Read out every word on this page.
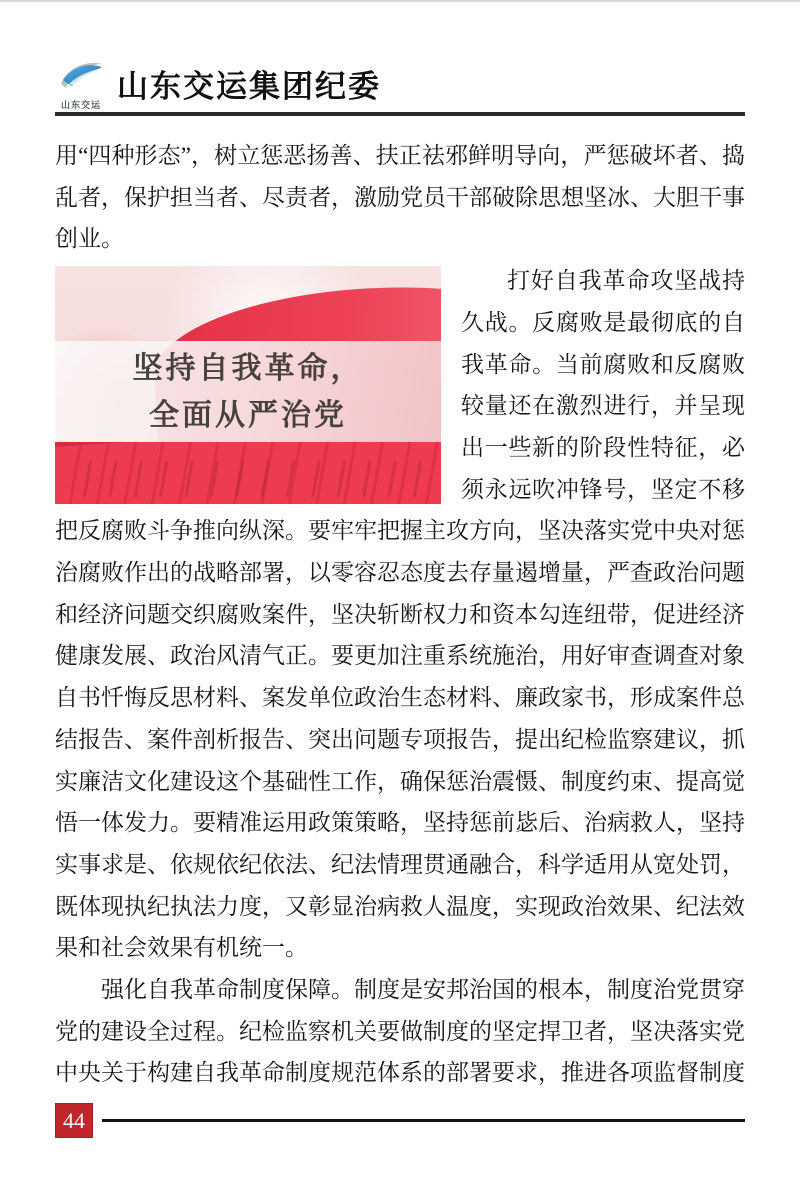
山东交运
山东交运集团纪委

用“四种形态”，树立惩恶扬善、扶正祛邪鲜明导向，严惩破坏者、捣乱者，保护担当者、尽责者，激励党员干部破除思想坚冰、大胆干事创业。

坚持自我革命，
全面从严治党

打好自我革命攻坚战持久战。反腐败是最彻底的自我革命。当前腐败和反腐败较量还在激烈进行，并呈现出一些新的阶段性特征，必须永远吹冲锋号，坚定不移把反腐败斗争推向纵深。要牢牢把握主攻方向，坚决落实党中央对惩治腐败作出的战略部署，以零容忍态度去存量遏增量，严查政治问题和经济问题交织腐败案件，坚决斩断权力和资本勾连纽带，促进经济健康发展、政治风清气正。要更加注重系统施治，用好审查调查对象自书忏悔反思材料、案发单位政治生态材料、廉政家书，形成案件总结报告、案件剖析报告、突出问题专项报告，提出纪检监察建议，抓实廉洁文化建设这个基础性工作，确保惩治震慑、制度约束、提高觉悟一体发力。要精准运用政策策略，坚持惩前毖后、治病救人，坚持实事求是、依规依纪依法、纪法情理贯通融合，科学适用从宽处罚，既体现执纪执法力度，又彰显治病救人温度，实现政治效果、纪法效果和社会效果有机统一。

强化自我革命制度保障。制度是安邦治国的根本，制度治党贯穿党的建设全过程。纪检监察机关要做制度的坚定捍卫者，坚决落实党中央关于构建自我革命制度规范体系的部署要求，推进各项监督制度

44
